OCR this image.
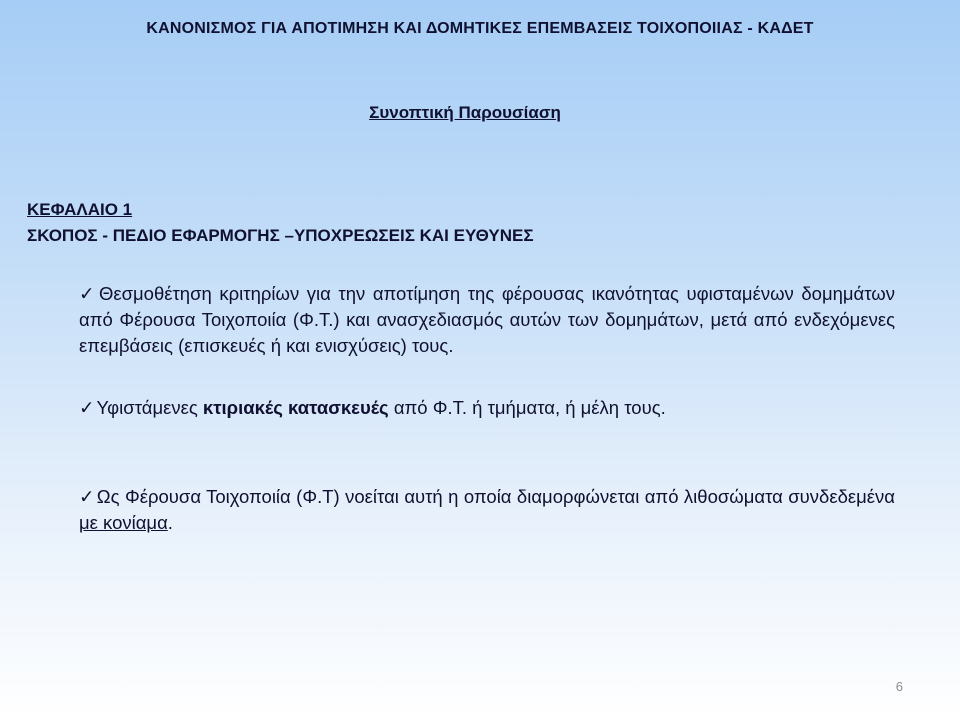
ΚΑΝΟΝΙΣΜΟΣ ΓΙΑ ΑΠΟΤΙΜΗΣΗ ΚΑΙ ΔΟΜΗΤΙΚΕΣ ΕΠΕΜΒΑΣΕΙΣ ΤΟΙΧΟΠΟΙΙΑΣ - ΚΑΔΕΤ
Συνοπτική Παρουσίαση
ΚΕΦΑΛΑΙΟ 1
ΣΚΟΠΟΣ - ΠΕΔΙΟ ΕΦΑΡΜΟΓΗΣ –ΥΠΟΧΡΕΩΣΕΙΣ ΚΑΙ ΕΥΘΥΝΕΣ

✓ Θεσμοθέτηση κριτηρίων για την αποτίμηση της φέρουσας ικανότητας υφισταμένων δομημάτων από Φέρουσα Τοιχοποιία (Φ.Τ.) και ανασχεδιασμός αυτών των δομημάτων, μετά από ενδεχόμενες επεμβάσεις (επισκευές ή και ενισχύσεις) τους.

✓ Υφιστάμενες κτιριακές κατασκευές από Φ.Τ. ή τμήματα, ή μέλη τους.

✓ Ως Φέρουσα Τοιχοποιία (Φ.Τ) νοείται αυτή η οποία διαμορφώνεται από λιθοσώματα συνδεδεμένα με κονίαμα.

6
